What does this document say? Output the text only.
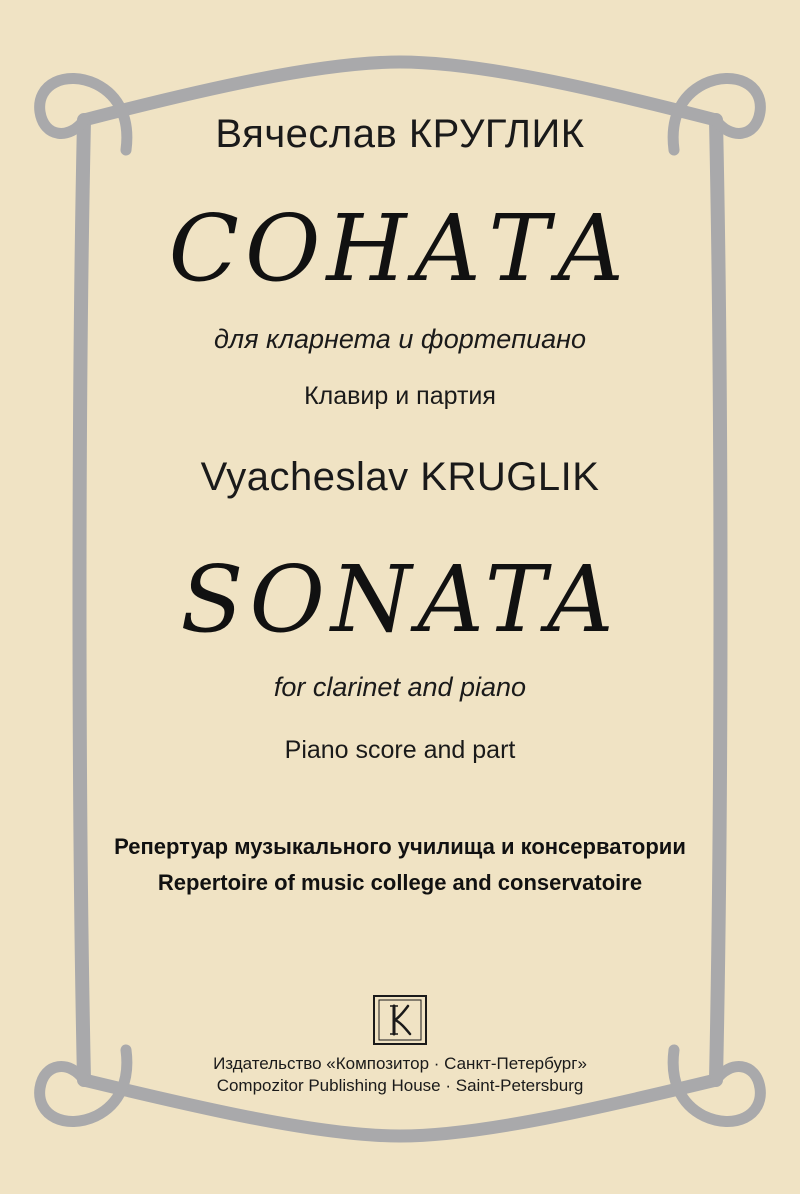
Вячеслав КРУГЛИК
СОНАТА
для кларнета и фортепиано
Клавир и партия
Vyacheslav KRUGLIK
SONATA
for clarinet and piano
Piano score and part
Репертуар музыкального училища и консерватории
Repertoire of music college and conservatoire
Издательство «Композитор · Санкт-Петербург»
Compozitor Publishing House · Saint-Petersburg
